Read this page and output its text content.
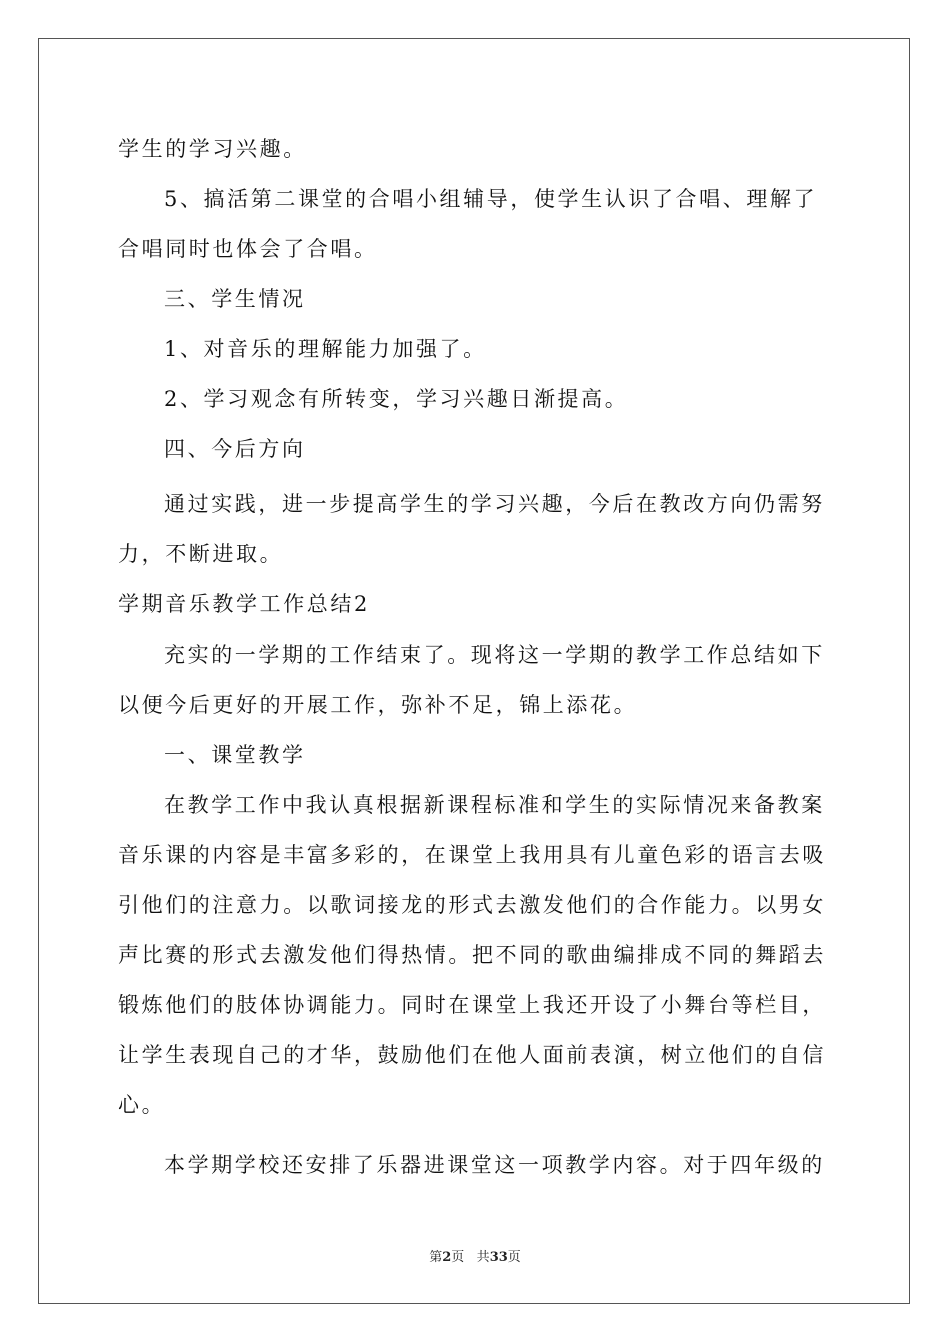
学生的学习兴趣。
5、搞活第二课堂的合唱小组辅导，使学生认识了合唱、理解了
合唱同时也体会了合唱。
三、学生情况
1、对音乐的理解能力加强了。
2、学习观念有所转变，学习兴趣日渐提高。
四、今后方向
通过实践，进一步提高学生的学习兴趣，今后在教改方向仍需努
力，不断进取。
学期音乐教学工作总结2
充实的一学期的工作结束了。现将这一学期的教学工作总结如下
以便今后更好的开展工作，弥补不足，锦上添花。
一、课堂教学
在教学工作中我认真根据新课程标准和学生的实际情况来备教案
音乐课的内容是丰富多彩的，在课堂上我用具有儿童色彩的语言去吸
引他们的注意力。以歌词接龙的形式去激发他们的合作能力。以男女
声比赛的形式去激发他们得热情。把不同的歌曲编排成不同的舞蹈去
锻炼他们的肢体协调能力。同时在课堂上我还开设了小舞台等栏目，
让学生表现自己的才华，鼓励他们在他人面前表演，树立他们的自信
心。
本学期学校还安排了乐器进课堂这一项教学内容。对于四年级的
第2页 共33页
